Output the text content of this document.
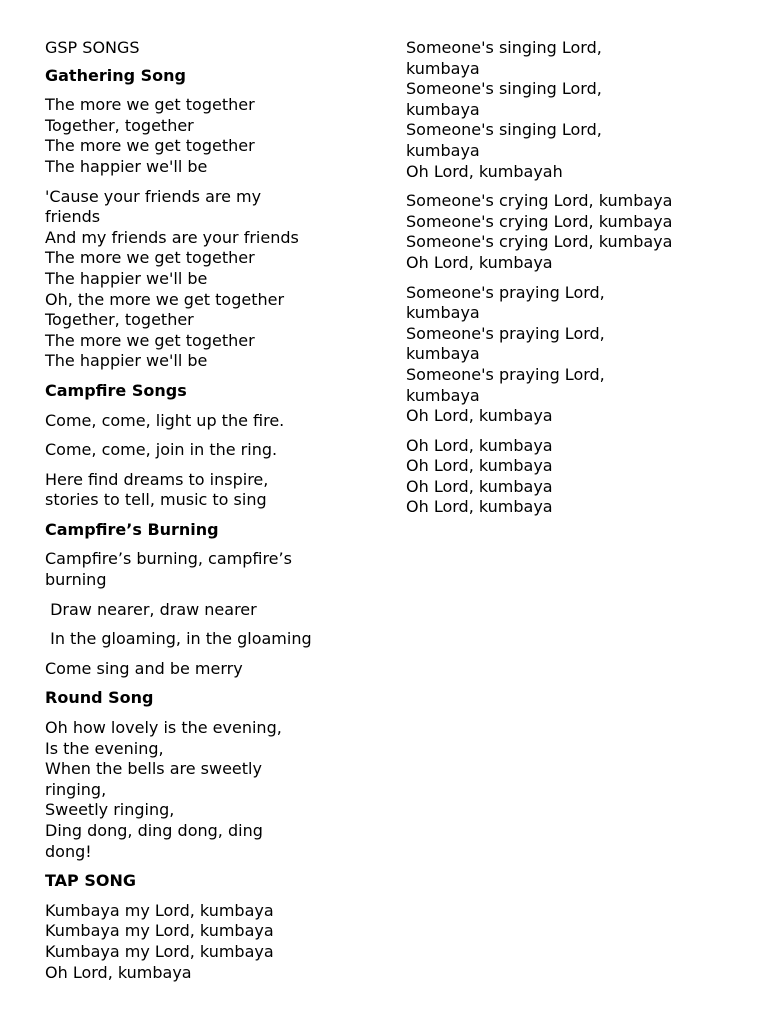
GSP SONGS
Gathering Song
The more we get together
Together, together
The more we get together
The happier we'll be
'Cause your friends are my
friends
And my friends are your friends
The more we get together
The happier we'll be
Oh, the more we get together
Together, together
The more we get together
The happier we'll be
Campfire Songs
Come, come, light up the fire.
Come, come, join in the ring.
Here find dreams to inspire,
stories to tell, music to sing
Campfire’s Burning
Campfire’s burning, campfire’s
burning
Draw nearer, draw nearer
In the gloaming, in the gloaming
Come sing and be merry
Round Song
Oh how lovely is the evening,
Is the evening,
When the bells are sweetly
ringing,
Sweetly ringing,
Ding dong, ding dong, ding
dong!
TAP SONG
Kumbaya my Lord, kumbaya
Kumbaya my Lord, kumbaya
Kumbaya my Lord, kumbaya
Oh Lord, kumbaya
Someone's singing Lord,
kumbaya
Someone's singing Lord,
kumbaya
Someone's singing Lord,
kumbaya
Oh Lord, kumbayah
Someone's crying Lord, kumbaya
Someone's crying Lord, kumbaya
Someone's crying Lord, kumbaya
Oh Lord, kumbaya
Someone's praying Lord,
kumbaya
Someone's praying Lord,
kumbaya
Someone's praying Lord,
kumbaya
Oh Lord, kumbaya
Oh Lord, kumbaya
Oh Lord, kumbaya
Oh Lord, kumbaya
Oh Lord, kumbaya
